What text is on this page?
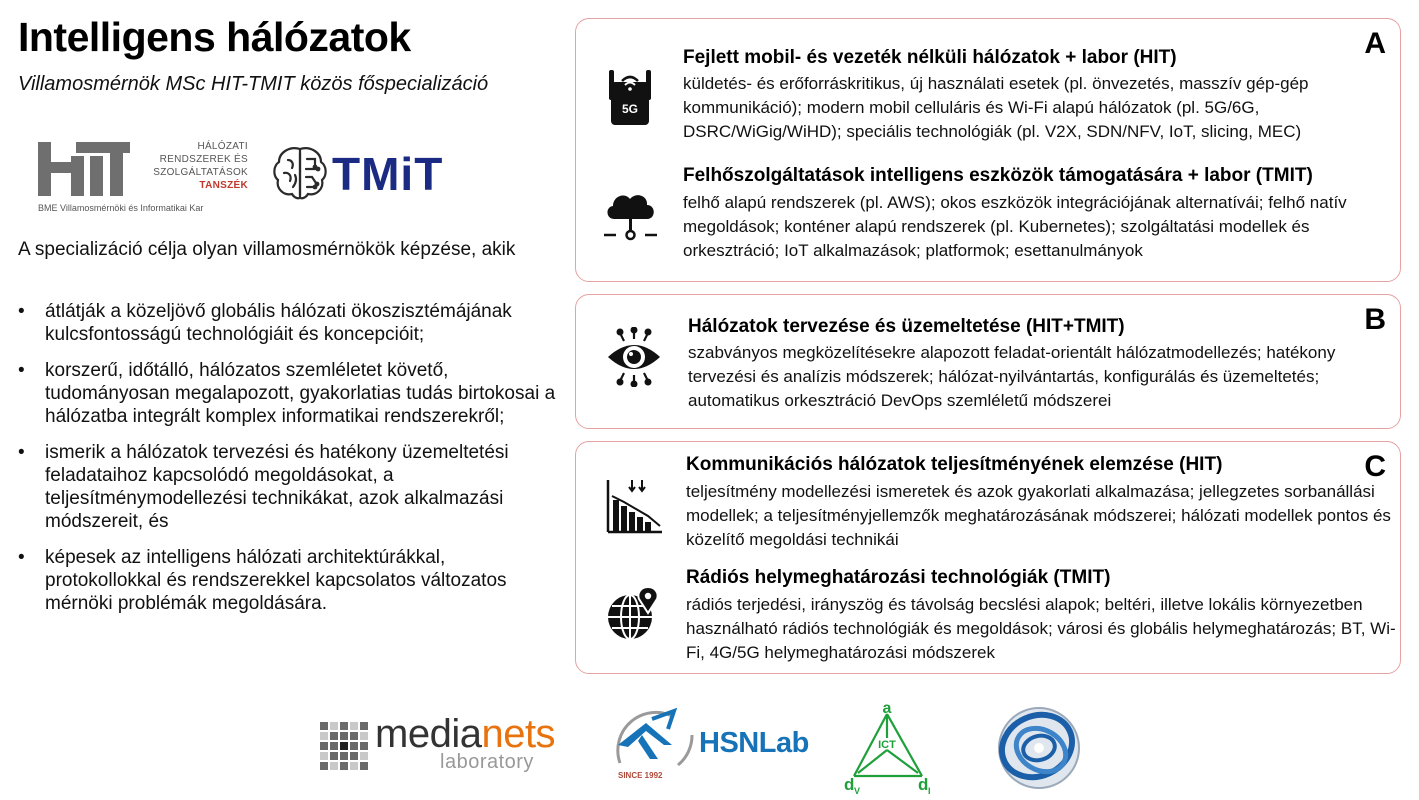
Intelligens hálózatok
Villamosmérnök MSc HIT-TMIT közös főspecializáció
HÁLÓZATI
RENDSZEREK ÉS
SZOLGÁLTATÁSOK
TANSZÉK
BME Villamosmérnöki és Informatikai Kar
TMiT
A specializáció célja olyan villamosmérnökök képzése, akik
• átlátják a közeljövő globális hálózati ökoszisztémájának kulcsfontosságú technológiáit és koncepcióit;
• korszerű, időtálló, hálózatos szemléletet követő, tudományosan megalapozott, gyakorlatias tudás birtokosai a hálózatba integrált komplex informatikai rendszerekről;
• ismerik a hálózatok tervezési és hatékony üzemeltetési feladataihoz kapcsolódó megoldásokat, a teljesítménymodellezési technikákat, azok alkalmazási módszereit, és
• képesek az intelligens hálózati architektúrákkal, protokollokkal és rendszerekkel kapcsolatos változatos mérnöki problémák megoldására.
A
5G
Fejlett mobil- és vezeték nélküli hálózatok + labor (HIT)
küldetés- és erőforráskritikus, új használati esetek (pl. önvezetés, masszív gép-gép kommunikáció); modern mobil celluláris és Wi-Fi alapú hálózatok (pl. 5G/6G, DSRC/WiGig/WiHD); speciális technológiák (pl. V2X, SDN/NFV, IoT, slicing, MEC)
Felhőszolgáltatások intelligens eszközök támogatására + labor (TMIT)
felhő alapú rendszerek (pl. AWS); okos eszközök integrációjának alternatívái; felhő natív megoldások; konténer alapú rendszerek (pl. Kubernetes); szolgáltatási modellek és orkesztráció; IoT alkalmazások; platformok; esettanulmányok
B
Hálózatok tervezése és üzemeltetése (HIT+TMIT)
szabványos megközelítésekre alapozott feladat-orientált hálózatmodellezés; hatékony tervezési és analízis módszerek; hálózat-nyilvántartás, konfigurálás és üzemeltetés; automatikus orkesztráció DevOps szemléletű módszerei
C
Kommunikációs hálózatok teljesítményének elemzése (HIT)
teljesítmény modellezési ismeretek és azok gyakorlati alkalmazása; jellegzetes sorbanállási modellek; a teljesítményjellemzők meghatározásának módszerei; hálózati modellek pontos és közelítő megoldási technikái
Rádiós helymeghatározási technológiák (TMIT)
rádiós terjedési, irányszög és távolság becslési alapok; beltéri, illetve lokális környezetben használható rádiós technológiák és megoldások; városi és globális helymeghatározás; BT, Wi-Fi, 4G/5G helymeghatározási módszerek
medianets
laboratory
HSNLab
SINCE 1992
a
ICT
d V	d I
